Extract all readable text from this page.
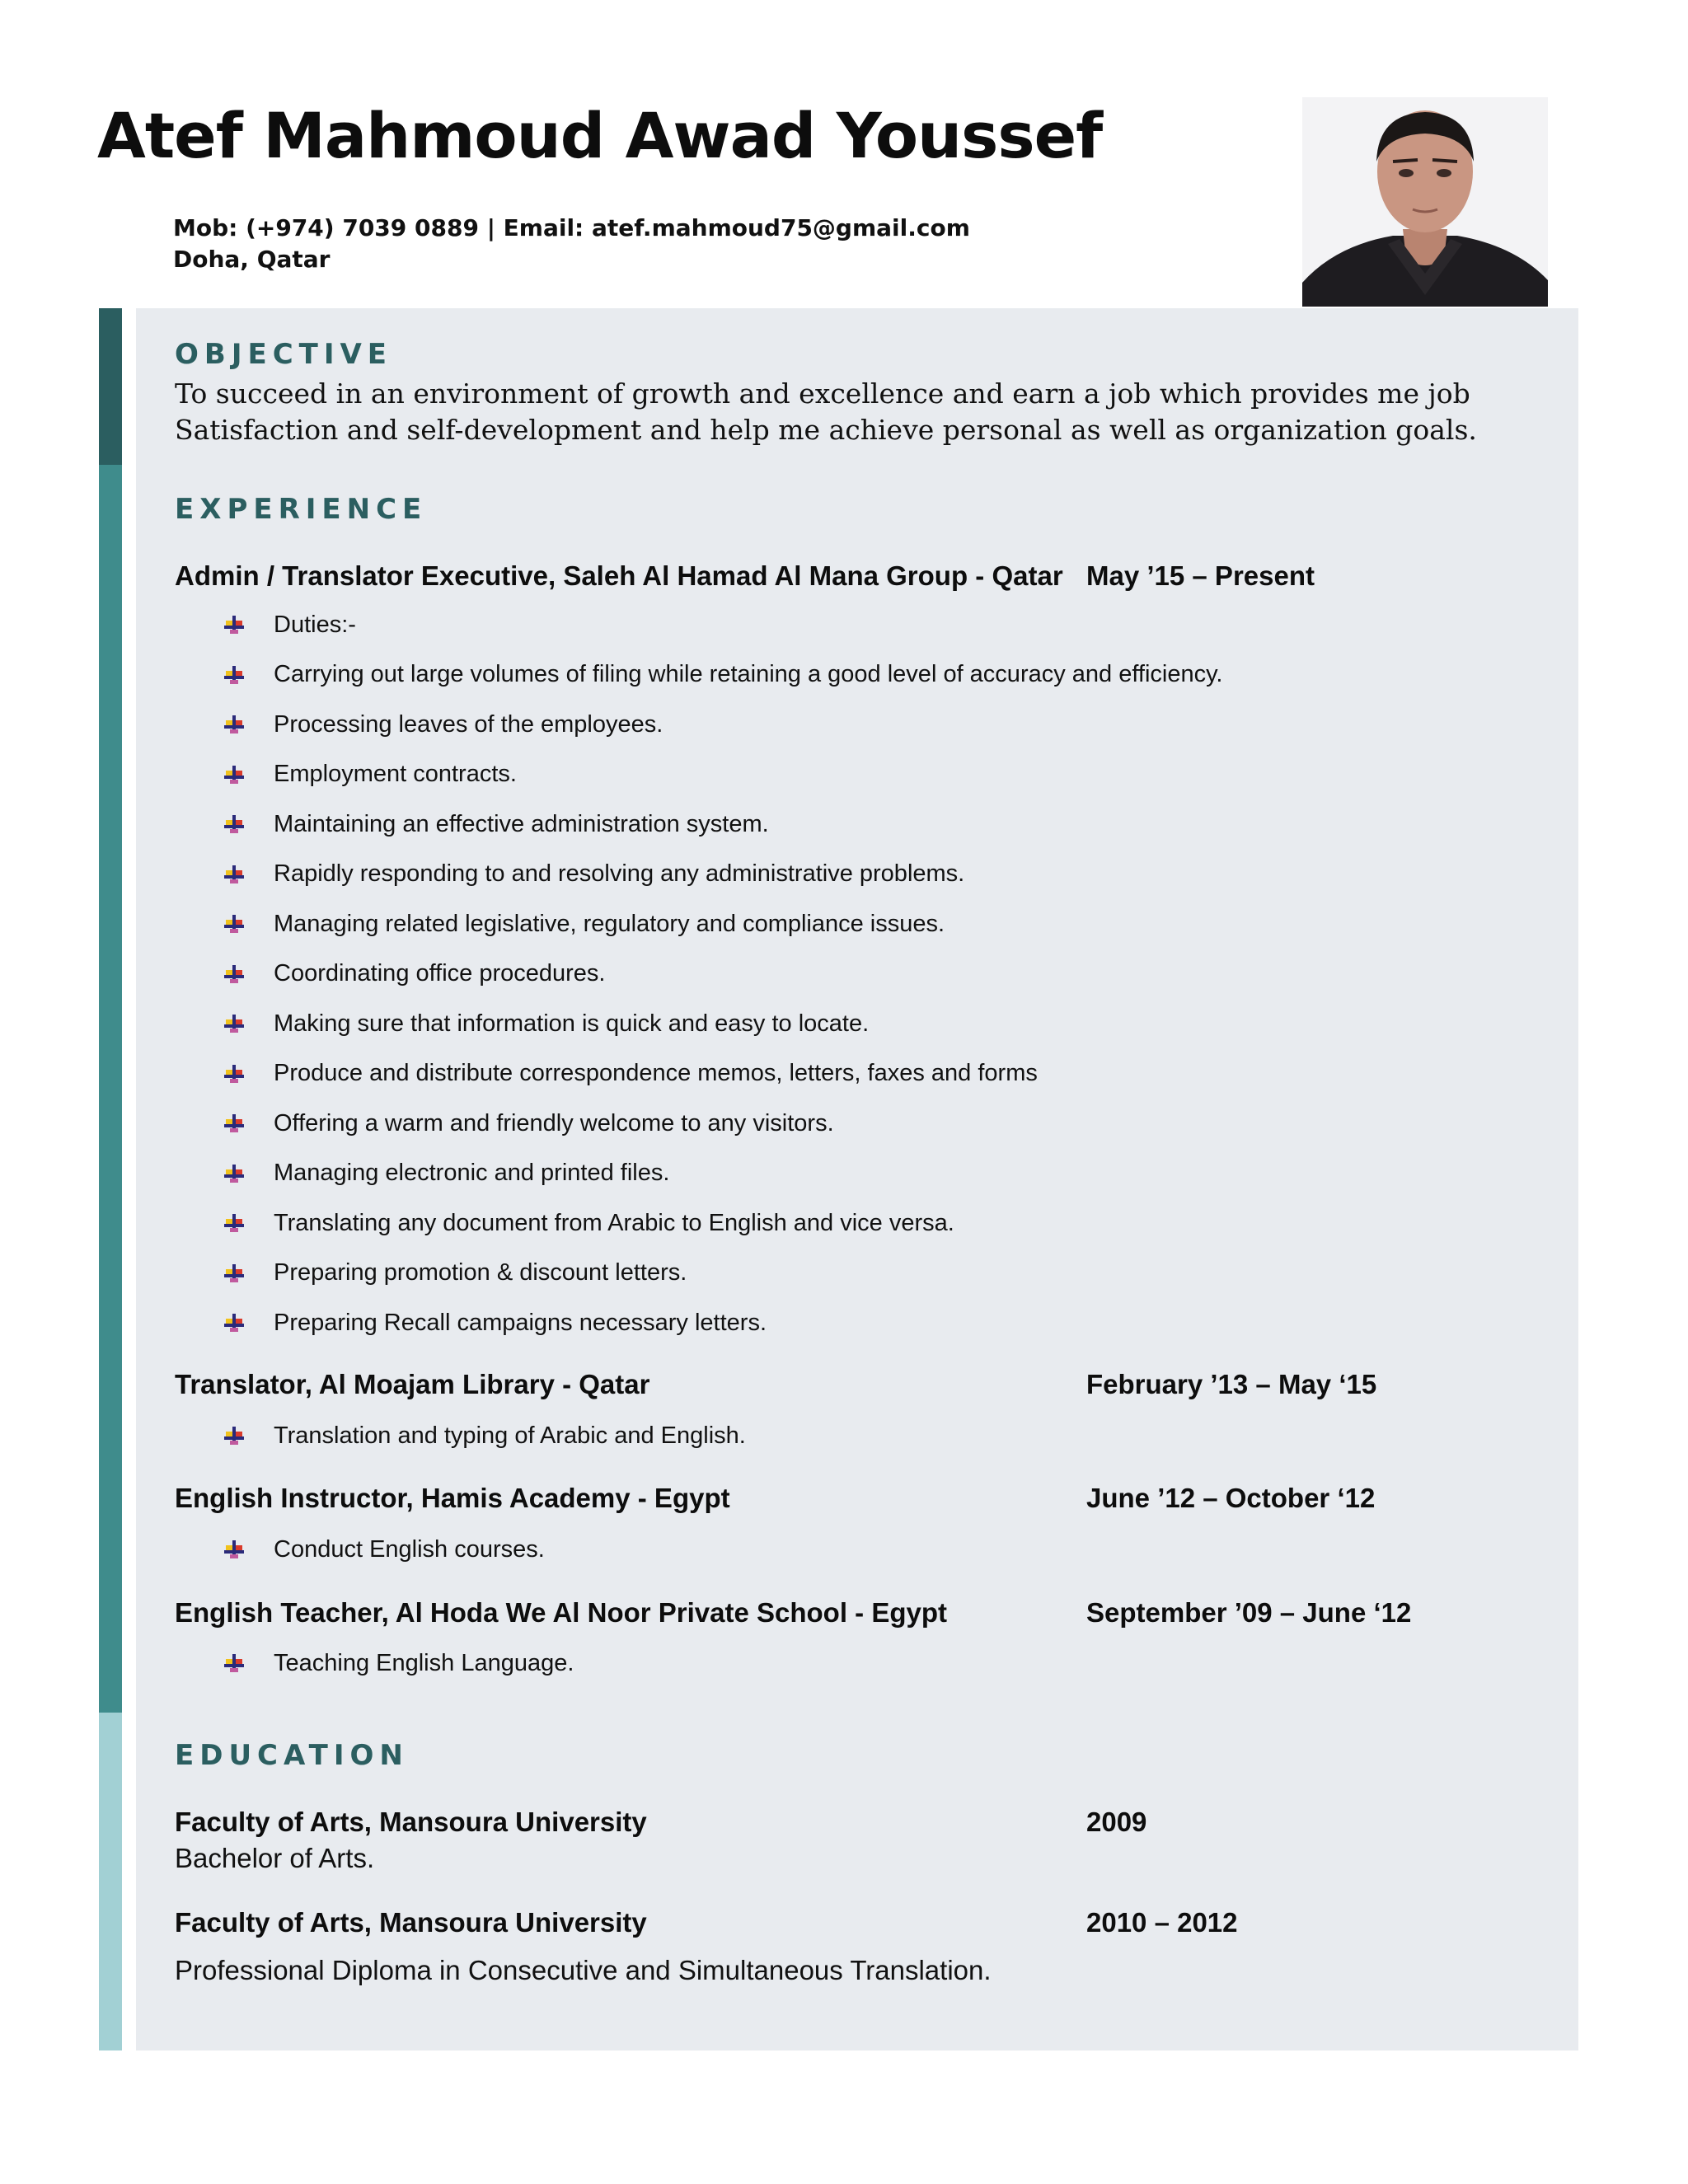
Atef Mahmoud Awad Youssef
Mob: (+974) 7039 0889 | Email: atef.mahmoud75@gmail.com
Doha, Qatar
OBJECTIVE

To succeed in an environment of growth and excellence and earn a job which provides me job Satisfaction and self-development and help me achieve personal as well as organization goals.

EXPERIENCE
Admin / Translator Executive, Saleh Al Hamad Al Mana Group - Qatar May ’15 – Present
Duties:-
Carrying out large volumes of filing while retaining a good level of accuracy and efficiency.
Processing leaves of the employees.
Employment contracts.
Maintaining an effective administration system.
Rapidly responding to and resolving any administrative problems.
Managing related legislative, regulatory and compliance issues.
Coordinating office procedures.
Making sure that information is quick and easy to locate.
Produce and distribute correspondence memos, letters, faxes and forms
Offering a warm and friendly welcome to any visitors.
Managing electronic and printed files.
Translating any document from Arabic to English and vice versa.
Preparing promotion & discount letters.
Preparing Recall campaigns necessary letters.
Translator, Al Moajam Library - Qatar	February ’13 – May ‘15
Translation and typing of Arabic and English.
English Instructor, Hamis Academy - Egypt	June ’12 – October ‘12
Conduct English courses.
English Teacher, Al Hoda We Al Noor Private School - Egypt	September ’09 – June ‘12
Teaching English Language.
EDUCATION
Faculty of Arts, Mansoura University	2009
Bachelor of Arts.
Faculty of Arts, Mansoura University	2010 – 2012
Professional Diploma in Consecutive and Simultaneous Translation.
